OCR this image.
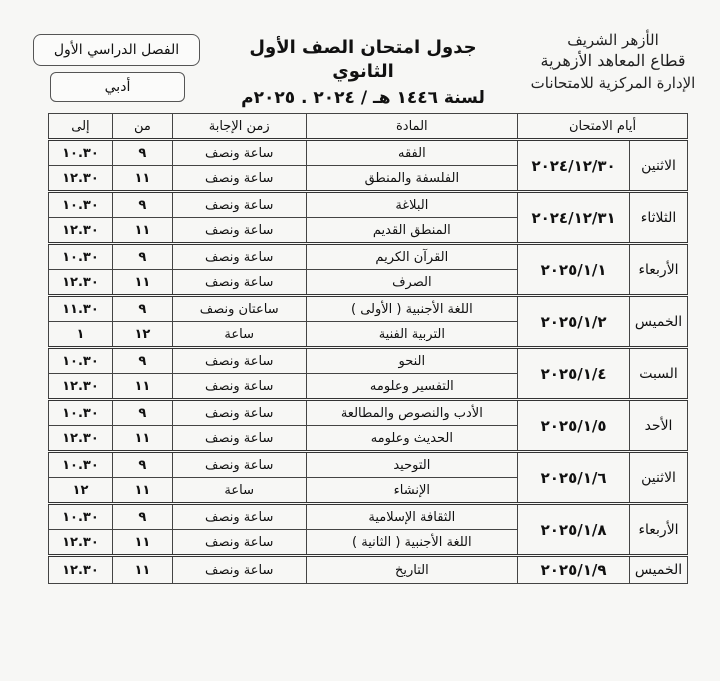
الفصل الدراسي الأول
أدبي
جدول امتحان الصف الأول الثانوي
لسنة ١٤٤٦ هـ / ٢٠٢٤ . ٢٠٢٥م
الأزهر الشريف
قطاع المعاهد الأزهرية
الإدارة المركزية للامتحانات
أيام الامتحان		المادة	زمن الإجابة	من	إلى
الاثنين	٢٠٢٤/١٢/٣٠	الفقه	ساعة ونصف	٩	١٠.٣٠
		الفلسفة والمنطق	ساعة ونصف	١١	١٢.٣٠
الثلاثاء	٢٠٢٤/١٢/٣١	البلاغة	ساعة ونصف	٩	١٠.٣٠
		المنطق القديم	ساعة ونصف	١١	١٢.٣٠
الأربعاء	٢٠٢٥/١/١	القرآن الكريم	ساعة ونصف	٩	١٠.٣٠
		الصرف	ساعة ونصف	١١	١٢.٣٠
الخميس	٢٠٢٥/١/٢	اللغة الأجنبية ( الأولى )	ساعتان ونصف	٩	١١.٣٠
		التربية الفنية	ساعة	١٢	١
السبت	٢٠٢٥/١/٤	النحو	ساعة ونصف	٩	١٠.٣٠
		التفسير وعلومه	ساعة ونصف	١١	١٢.٣٠
الأحد	٢٠٢٥/١/٥	الأدب والنصوص والمطالعة	ساعة ونصف	٩	١٠.٣٠
		الحديث وعلومه	ساعة ونصف	١١	١٢.٣٠
الاثنين	٢٠٢٥/١/٦	التوحيد	ساعة ونصف	٩	١٠.٣٠
		الإنشاء	ساعة	١١	١٢
الأربعاء	٢٠٢٥/١/٨	الثقافة الإسلامية	ساعة ونصف	٩	١٠.٣٠
		اللغة الأجنبية ( الثانية )	ساعة ونصف	١١	١٢.٣٠
الخميس	٢٠٢٥/١/٩	التاريخ	ساعة ونصف	١١	١٢.٣٠
